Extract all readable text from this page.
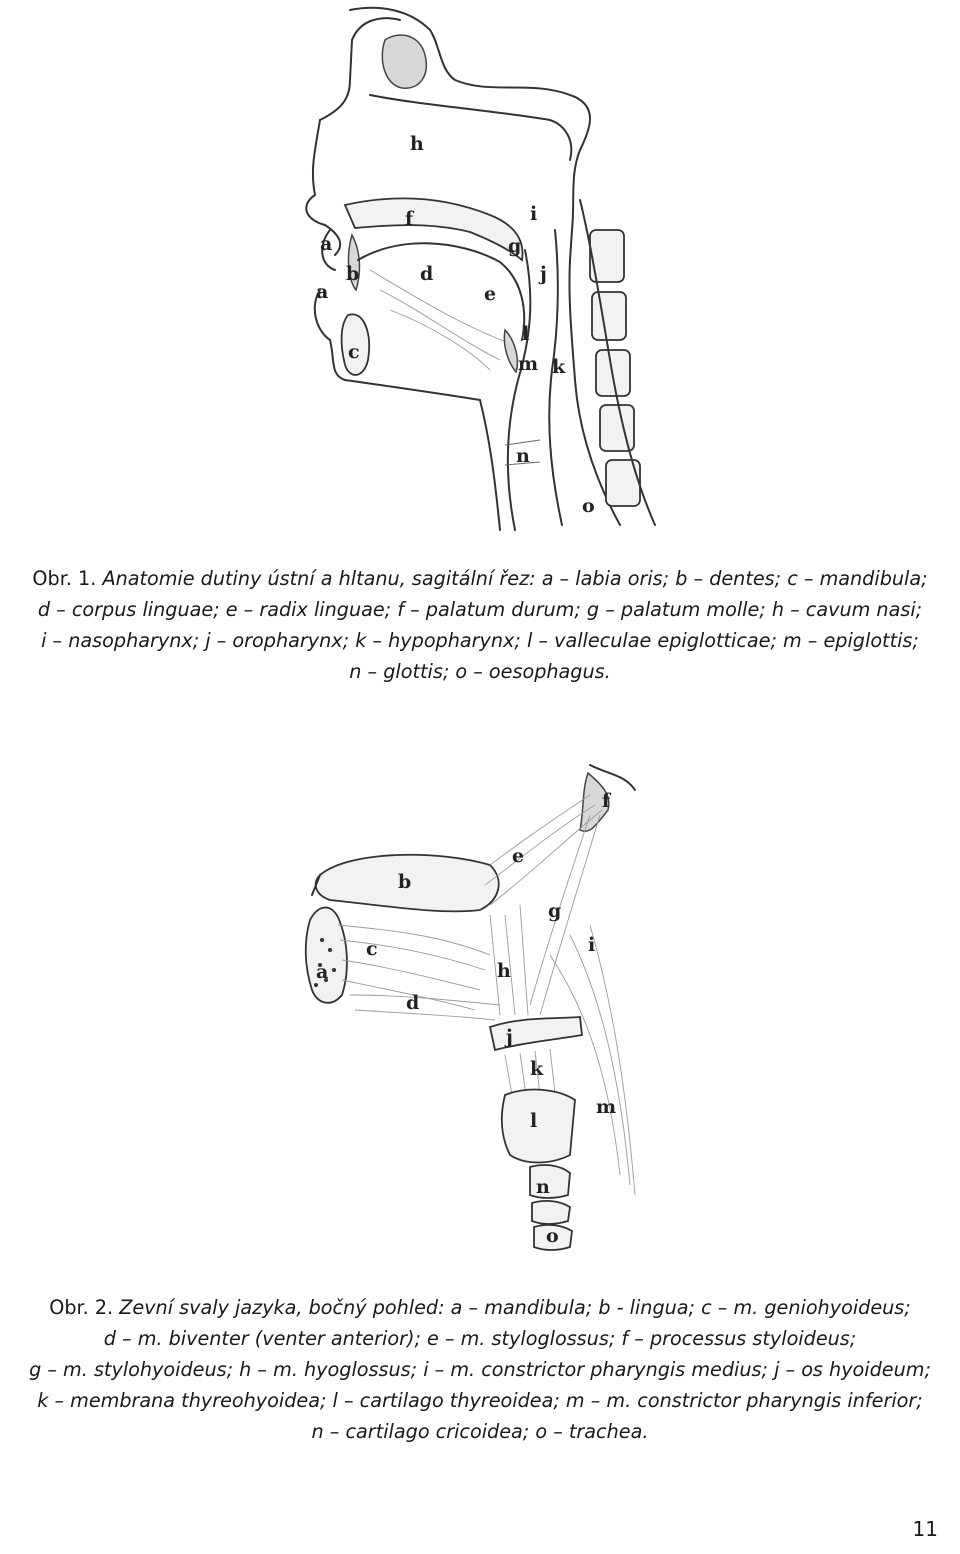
a
a
b
c
d
e
f
g
h
i
j
k
l
m
n
o
Obr. 1. Anatomie dutiny ústní a hltanu, sagitální řez: a – labia oris; b – dentes; c – mandibula;
d – corpus linguae; e – radix linguae; f – palatum durum; g – palatum molle; h – cavum nasi;
i – nasopharynx; j – oropharynx; k – hypopharynx; l – valleculae epiglotticae; m – epiglottis;
n – glottis; o – oesophagus.
a
b
c
d
e
f
g
h
i
j
k
l
m
n
o
Obr. 2. Zevní svaly jazyka, bočný pohled: a – mandibula; b - lingua; c – m. geniohyoideus;
d – m. biventer (venter anterior); e – m. styloglossus; f – processus styloideus;
g – m. stylohyoideus; h – m. hyoglossus; i – m. constrictor pharyngis medius; j – os hyoideum;
k – membrana thyreohyoidea; l – cartilago thyreoidea; m – m. constrictor pharyngis inferior;
n – cartilago cricoidea; o – trachea.
11
